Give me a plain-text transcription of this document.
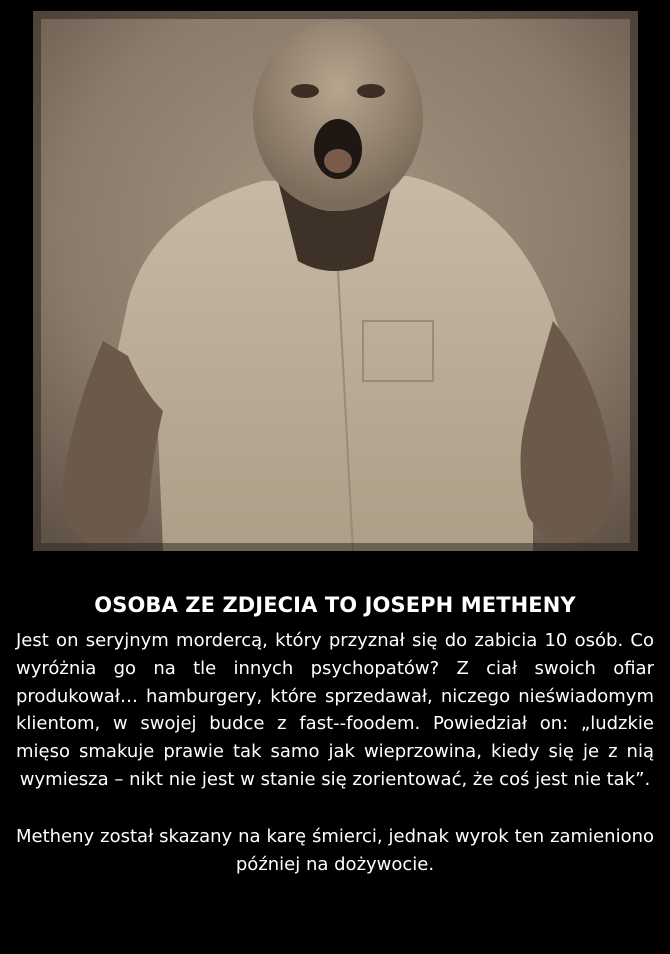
OSOBA ZE ZDJECIA TO JOSEPH METHENY

Jest on seryjnym mordercą, który przyznał się do zabicia 10 osób. Co wyróżnia go na tle innych psychopatów? Z ciał swoich ofiar produkował… hamburgery, które sprzedawał, niczego nieświadomym klientom, w swojej budce z fast--foodem. Powiedział on: „ludzkie mięso smakuje prawie tak samo jak wieprzowina, kiedy się je z nią wymiesza – nikt nie jest w stanie się zorientować, że coś jest nie tak”.

Metheny został skazany na karę śmierci, jednak wyrok ten zamieniono później na dożywocie.
